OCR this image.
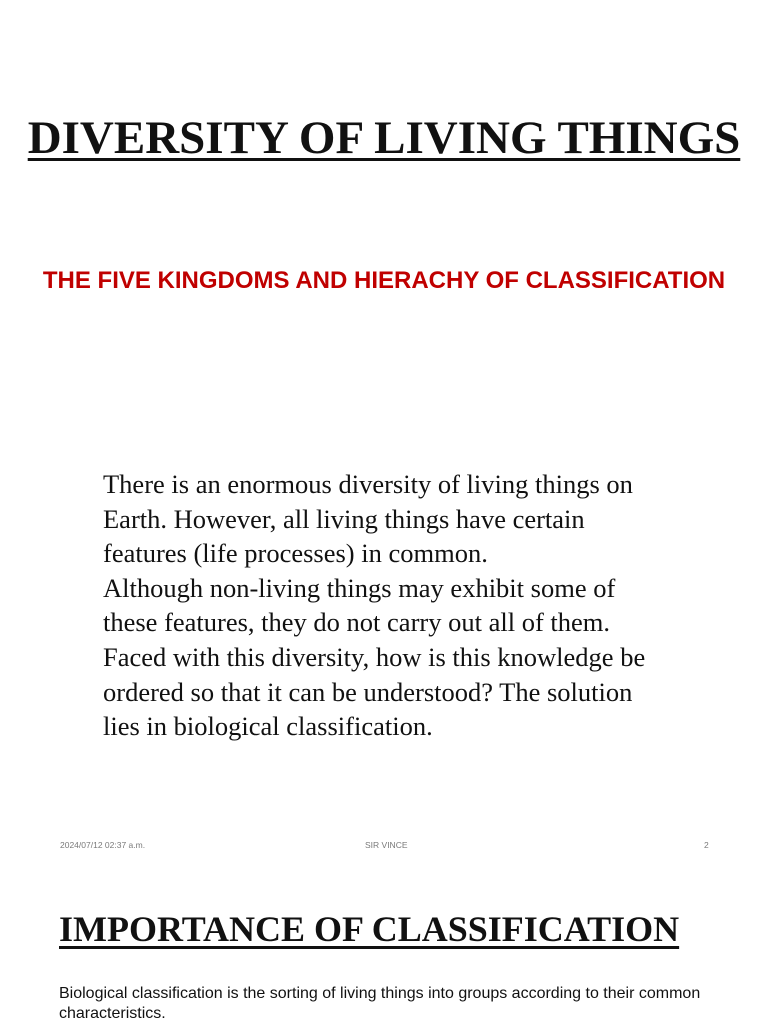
DIVERSITY OF LIVING THINGS
THE FIVE KINGDOMS AND HIERACHY OF CLASSIFICATION

There is an enormous diversity of living things on Earth. However, all living things have certain features (life processes) in common.

Although non-living things may exhibit some of these features, they do not carry out all of them.

Faced with this diversity, how is this knowledge be ordered so that it can be understood? The solution lies in biological classification.

2024/07/12 02:37 a.m.	SIR VINCE	2
IMPORTANCE OF CLASSIFICATION

Biological classification is the sorting of living things into groups according to their common characteristics.
